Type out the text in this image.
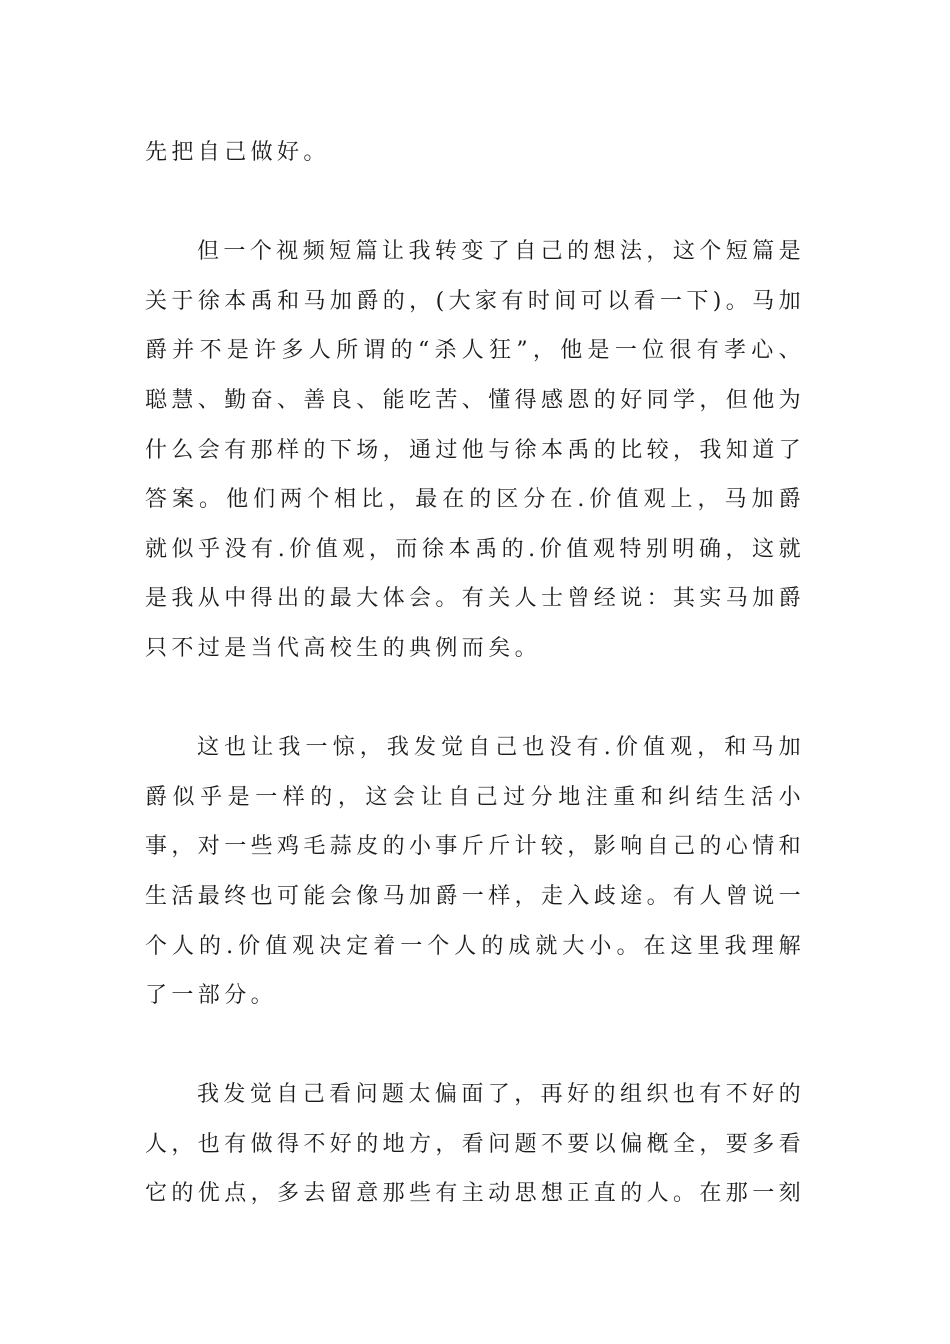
先把自己做好。

但一个视频短篇让我转变了自己的想法，这个短篇是关于徐本禹和马加爵的，(大家有时间可以看一下)。马加爵并不是许多人所谓的“杀人狂”，他是一位很有孝心、聪慧、勤奋、善良、能吃苦、懂得感恩的好同学，但他为什么会有那样的下场，通过他与徐本禹的比较，我知道了答案。他们两个相比，最在的区分在.价值观上，马加爵就似乎没有.价值观，而徐本禹的.价值观特别明确，这就是我从中得出的最大体会。有关人士曾经说：其实马加爵只不过是当代高校生的典例而矣。

这也让我一惊，我发觉自己也没有.价值观，和马加爵似乎是一样的，这会让自己过分地注重和纠结生活小事，对一些鸡毛蒜皮的小事斤斤计较，影响自己的心情和生活最终也可能会像马加爵一样，走入歧途。有人曾说一个人的.价值观决定着一个人的成就大小。在这里我理解了一部分。

我发觉自己看问题太偏面了，再好的组织也有不好的人，也有做得不好的地方，看问题不要以偏槪全，要多看它的优点，多去留意那些有主动思想正直的人。在那一刻
